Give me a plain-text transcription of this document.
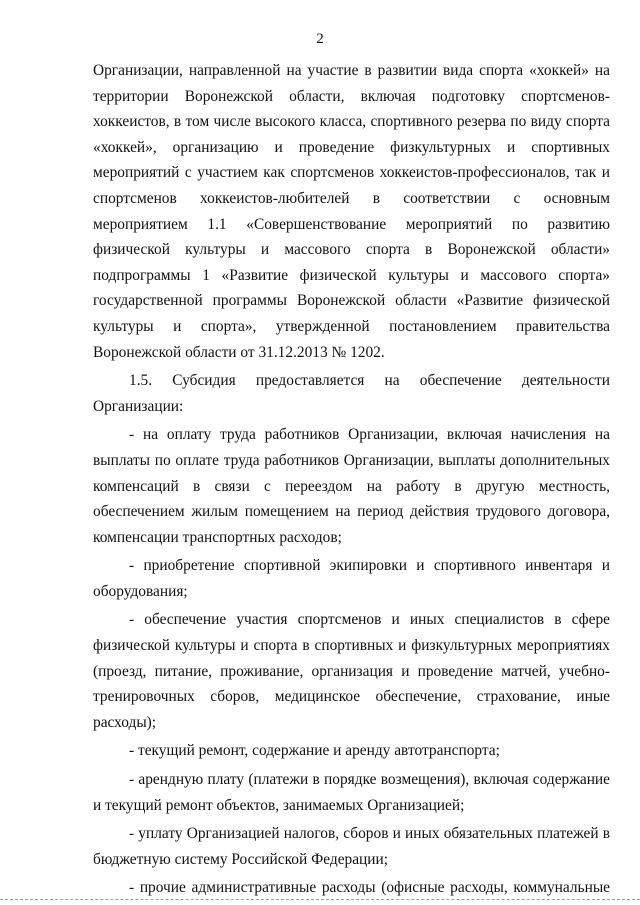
2

Организации, направленной на участие в развитии вида спорта «хоккей» на территории Воронежской области, включая подготовку спортсменов-хоккеистов, в том числе высокого класса, спортивного резерва по виду спорта «хоккей», организацию и проведение физкультурных и спортивных мероприятий с участием как спортсменов хоккеистов-профессионалов, так и спортсменов хоккеистов-любителей в соответствии с основным мероприятием 1.1 «Совершенствование мероприятий по развитию физической культуры и массового спорта в Воронежской области» подпрограммы 1 «Развитие физической культуры и массового спорта» государственной программы Воронежской области «Развитие физической культуры и спорта», утвержденной постановлением правительства Воронежской области от 31.12.2013 № 1202.

1.5. Субсидия предоставляется на обеспечение деятельности Организации:

- на оплату труда работников Организации, включая начисления на выплаты по оплате труда работников Организации, выплаты дополнительных компенсаций в связи с переездом на работу в другую местность, обеспечением жилым помещением на период действия трудового договора, компенсации транспортных расходов;

- приобретение спортивной экипировки и спортивного инвентаря и оборудования;

- обеспечение участия спортсменов и иных специалистов в сфере физической культуры и спорта в спортивных и физкультурных мероприятиях (проезд, питание, проживание, организация и проведение матчей, учебно-тренировочных сборов, медицинское обеспечение, страхование, иные расходы);

- текущий ремонт, содержание и аренду автотранспорта;

- арендную плату (платежи в порядке возмещения), включая содержание и текущий ремонт объектов, занимаемых Организацией;

- уплату Организацией налогов, сборов и иных обязательных платежей в бюджетную систему Российской Федерации;

- прочие административные расходы (офисные расходы, коммунальные
